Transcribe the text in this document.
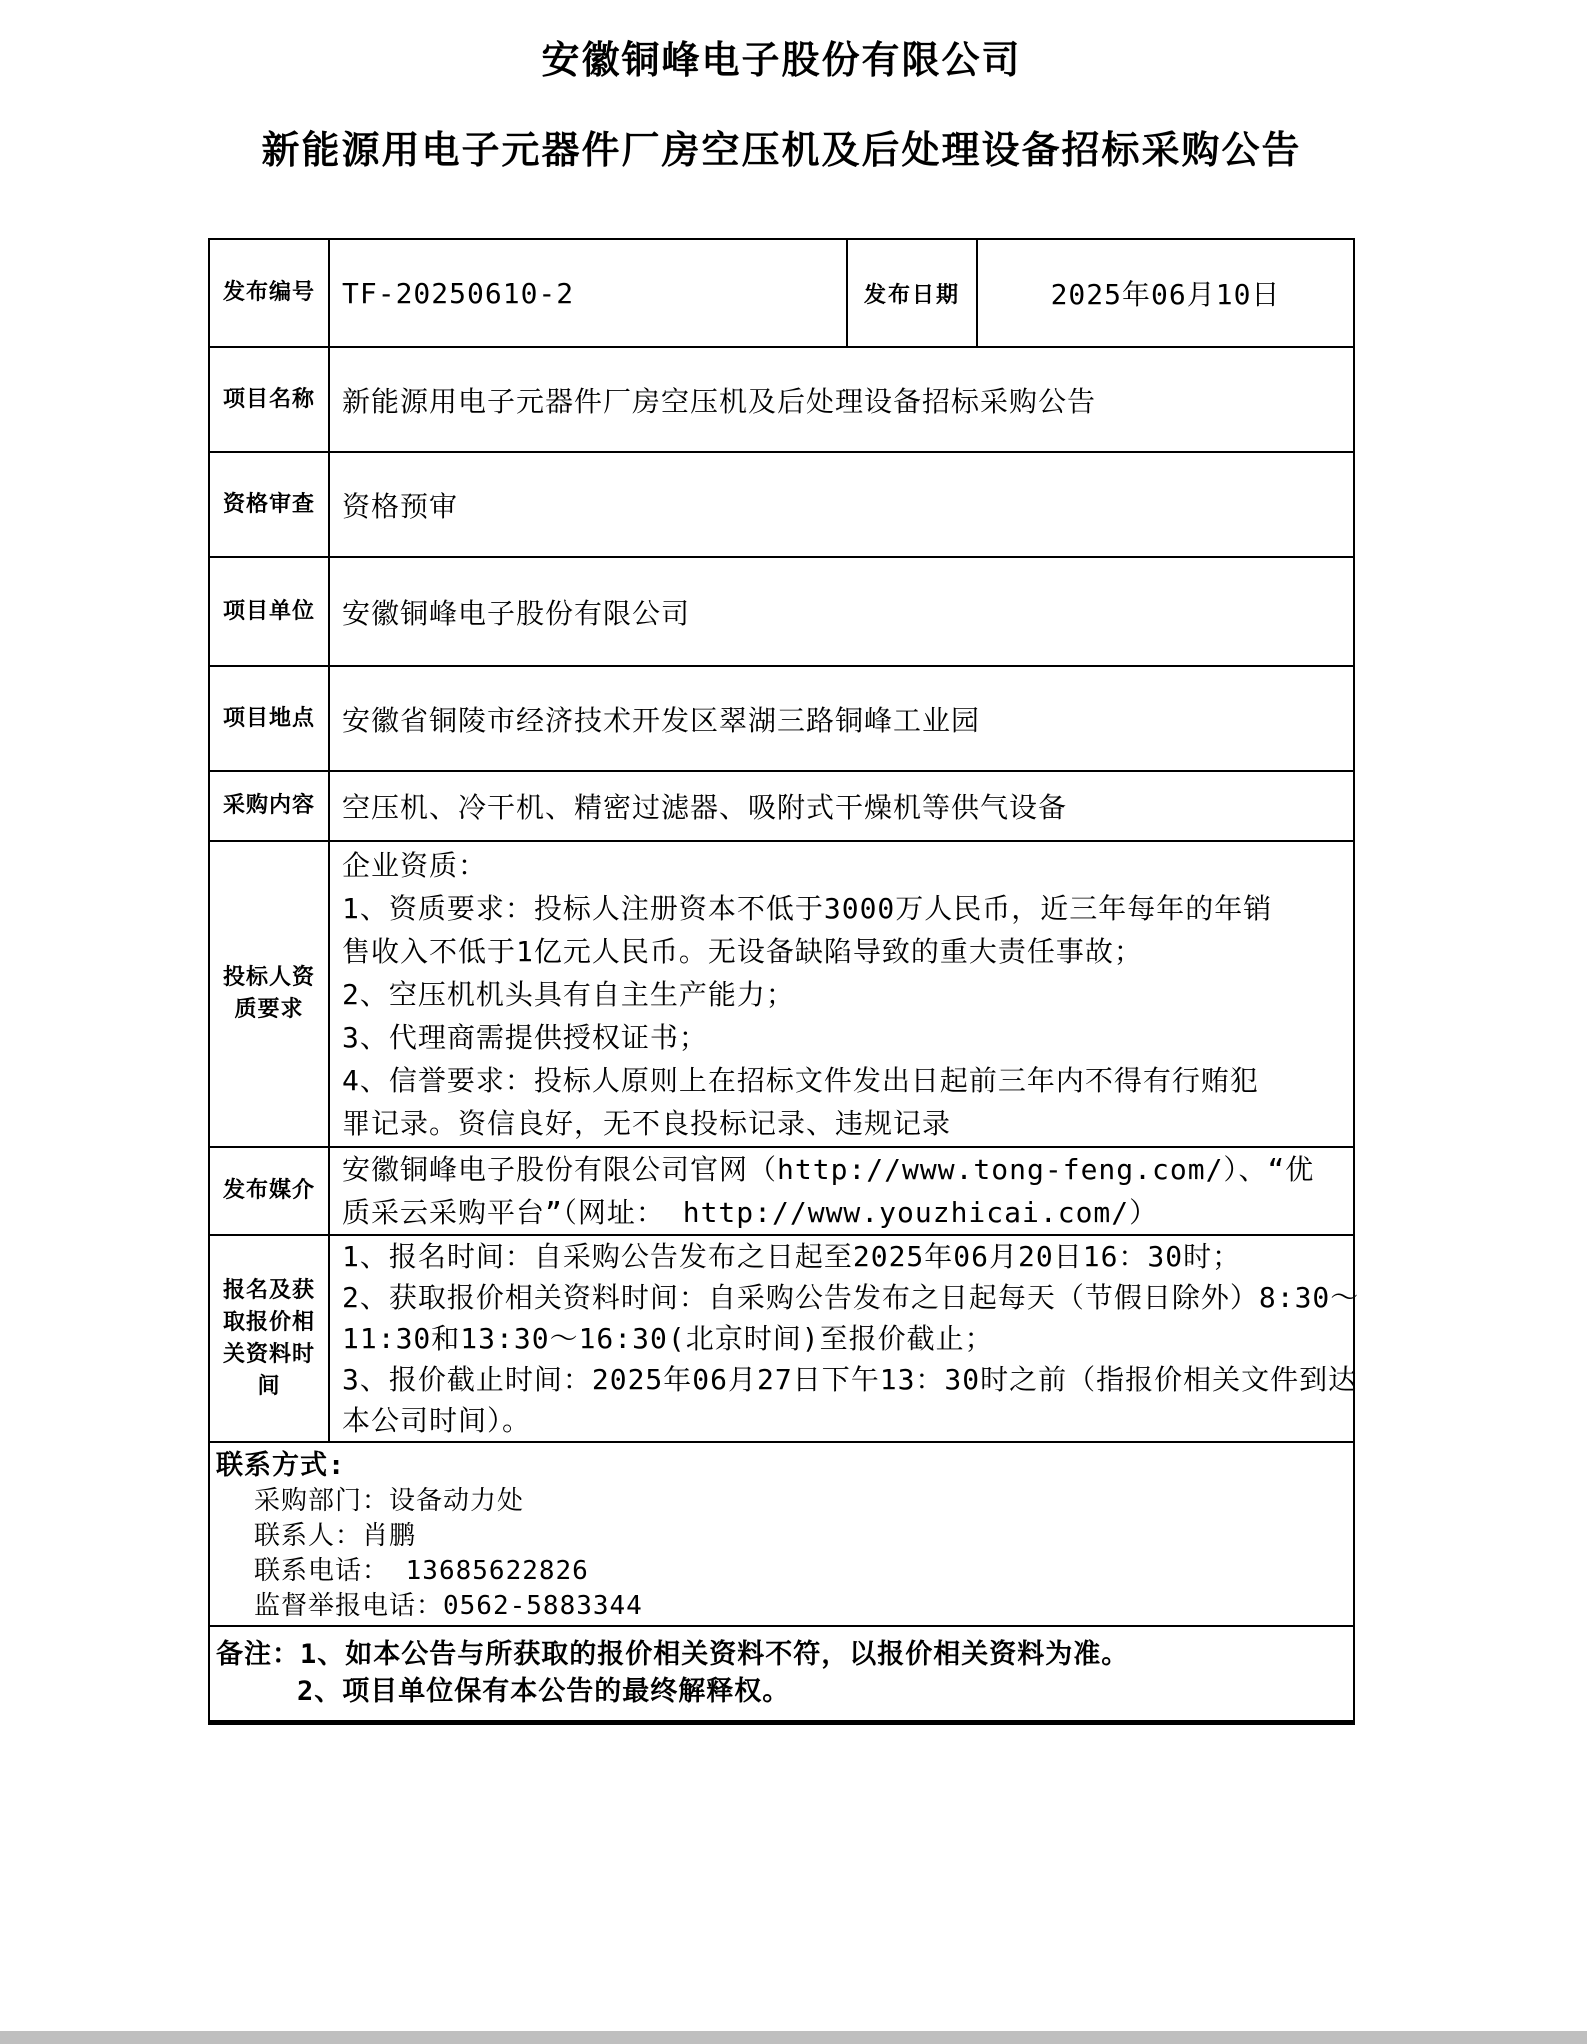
安徽铜峰电子股份有限公司
新能源用电子元器件厂房空压机及后处理设备招标采购公告
发布编号 TF-20250610-2	发布日期	2025年06月10日
项目名称 新能源用电子元器件厂房空压机及后处理设备招标采购公告
资格审查 资格预审
项目单位 安徽铜峰电子股份有限公司
项目地点 安徽省铜陵市经济技术开发区翠湖三路铜峰工业园
采购内容 空压机、冷干机、精密过滤器、吸附式干燥机等供气设备
投标人资质要求
企业资质：
1、资质要求：投标人注册资本不低于3000万人民币，近三年每年的年销
售收入不低于1亿元人民币。无设备缺陷导致的重大责任事故；
2、空压机机头具有自主生产能力；
3、代理商需提供授权证书；
4、信誉要求：投标人原则上在招标文件发出日起前三年内不得有行贿犯
罪记录。资信良好，无不良投标记录、违规记录
发布媒介
安徽铜峰电子股份有限公司官网（http://www.tong-feng.com/）、“优
质采云采购平台”（网址： http://www.youzhicai.com/）
报名及获取报价相关资料时间
1、报名时间：自采购公告发布之日起至2025年06月20日16：30时；
2、获取报价相关资料时间：自采购公告发布之日起每天（节假日除外）8:30～
11:30和13:30～16:30(北京时间)至报价截止；
3、报价截止时间：2025年06月27日下午13：30时之前（指报价相关文件到达
本公司时间）。
联系方式:
采购部门：设备动力处
联系人：肖鹏
联系电话： 13685622826
监督举报电话：0562-5883344
备注：1、如本公告与所获取的报价相关资料不符，以报价相关资料为准。
2、项目单位保有本公告的最终解释权。
